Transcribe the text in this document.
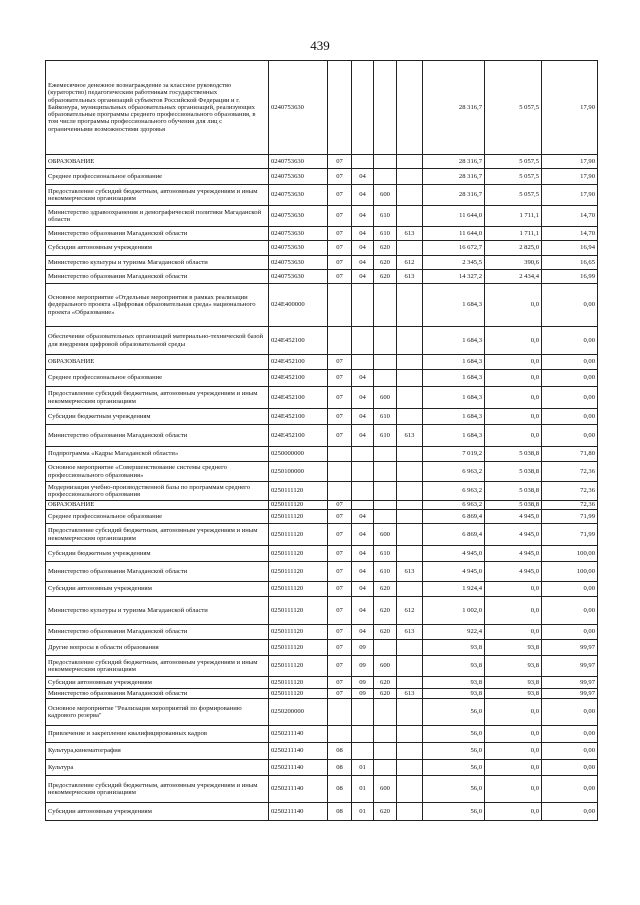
439
Ежемесячное денежное вознаграждение за классное руководство (кураторство) педагогическим работникам государственных образовательных организаций субъектов Российской Федерации и г. Байконура, муниципальных образовательных организаций, реализующих образовательные программы среднего профессионального образования, в том числе программы профессионального обучения для лиц с ограниченными возможностями здоровья	0240753630					28 316,7	5 057,5	17,90
ОБРАЗОВАНИЕ	0240753630	07				28 316,7	5 057,5	17,90
Среднее профессиональное образование	0240753630	07	04			28 316,7	5 057,5	17,90
Предоставление субсидий бюджетным, автономным учреждениям и иным некоммерческим организациям	0240753630	07	04	600		28 316,7	5 057,5	17,90
Министерство здравоохранения и демографической политики Магаданской области	0240753630	07	04	610		11 644,0	1 711,1	14,70
Министерство образования Магаданской области	0240753630	07	04	610	613	11 644,0	1 711,1	14,70
Субсидии автономным учреждениям	0240753630	07	04	620		16 672,7	2 825,0	16,94
Министерство культуры и туризма Магаданской области	0240753630	07	04	620	612	2 345,5	390,6	16,65
Министерство образования Магаданской области	0240753630	07	04	620	613	14 327,2	2 434,4	16,99
Основное мероприятие «Отдельные мероприятия в рамках реализации федерального проекта «Цифровая образовательная среда» национального проекта «Образование»	024E400000					1 684,3	0,0	0,00
Обеспечение образовательных организаций материально-технической базой для внедрения цифровой образовательной среды	024E452100					1 684,3	0,0	0,00
ОБРАЗОВАНИЕ	024E452100	07				1 684,3	0,0	0,00
Среднее профессиональное образование	024E452100	07	04			1 684,3	0,0	0,00
Предоставление субсидий бюджетным, автономным учреждениям и иным некоммерческим организациям	024E452100	07	04	600		1 684,3	0,0	0,00
Субсидии бюджетным учреждениям	024E452100	07	04	610		1 684,3	0,0	0,00
Министерство образования Магаданской области	024E452100	07	04	610	613	1 684,3	0,0	0,00
Подпрограмма «Кадры Магаданской области»	0250000000					7 019,2	5 038,8	71,80
Основное мероприятие «Совершенствование системы среднего профессионального образования»	0250100000					6 963,2	5 038,8	72,36
Модернизация учебно-производственной базы по программам среднего профессионального образования	0250111120					6 963,2	5 038,8	72,36
ОБРАЗОВАНИЕ	0250111120	07				6 963,2	5 038,8	72,36
Среднее профессиональное образование	0250111120	07	04			6 869,4	4 945,0	71,99
Предоставление субсидий бюджетным, автономным учреждениям и иным некоммерческим организациям	0250111120	07	04	600		6 869,4	4 945,0	71,99
Субсидии бюджетным учреждениям	0250111120	07	04	610		4 945,0	4 945,0	100,00
Министерство образования Магаданской области	0250111120	07	04	610	613	4 945,0	4 945,0	100,00
Субсидии автономным учреждениям	0250111120	07	04	620		1 924,4	0,0	0,00
Министерство культуры и туризма Магаданской области	0250111120	07	04	620	612	1 002,0	0,0	0,00
Министерство образования Магаданской области	0250111120	07	04	620	613	922,4	0,0	0,00
Другие вопросы в области образования	0250111120	07	09			93,8	93,8	99,97
Предоставление субсидий бюджетным, автономным учреждениям и иным некоммерческим организациям	0250111120	07	09	600		93,8	93,8	99,97
Субсидии автономным учреждениям	0250111120	07	09	620		93,8	93,8	99,97
Министерство образования Магаданской области	0250111120	07	09	620	613	93,8	93,8	99,97
Основное мероприятие "Реализация мероприятий по формированию кадрового резерва"	0250200000					56,0	0,0	0,00
Привлечение и закрепление квалифицированных кадров	0250211140					56,0	0,0	0,00
Культура,кинематография	0250211140	08				56,0	0,0	0,00
Культура	0250211140	08	01			56,0	0,0	0,00
Предоставление субсидий бюджетным, автономным учреждениям и иным некоммерческим организациям	0250211140	08	01	600		56,0	0,0	0,00
Субсидии автономным учреждениям	0250211140	08	01	620		56,0	0,0	0,00
